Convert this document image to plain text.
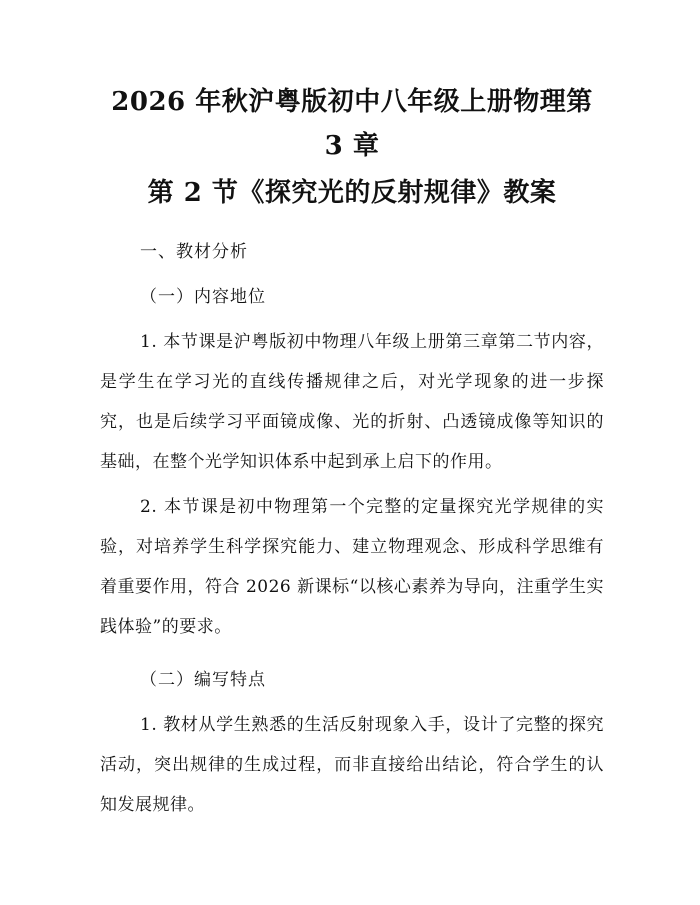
2026 年秋沪粤版初中八年级上册物理第 3 章
第 2 节《探究光的反射规律》教案

一、教材分析

（一）内容地位

1. 本节课是沪粤版初中物理八年级上册第三章第二节内容，是学生在学习光的直线传播规律之后，对光学现象的进一步探究，也是后续学习平面镜成像、光的折射、凸透镜成像等知识的基础，在整个光学知识体系中起到承上启下的作用。

2. 本节课是初中物理第一个完整的定量探究光学规律的实验，对培养学生科学探究能力、建立物理观念、形成科学思维有着重要作用，符合 2026 新课标“以核心素养为导向，注重学生实践体验”的要求。

（二）编写特点

1. 教材从学生熟悉的生活反射现象入手，设计了完整的探究活动，突出规律的生成过程，而非直接给出结论，符合学生的认知发展规律。
